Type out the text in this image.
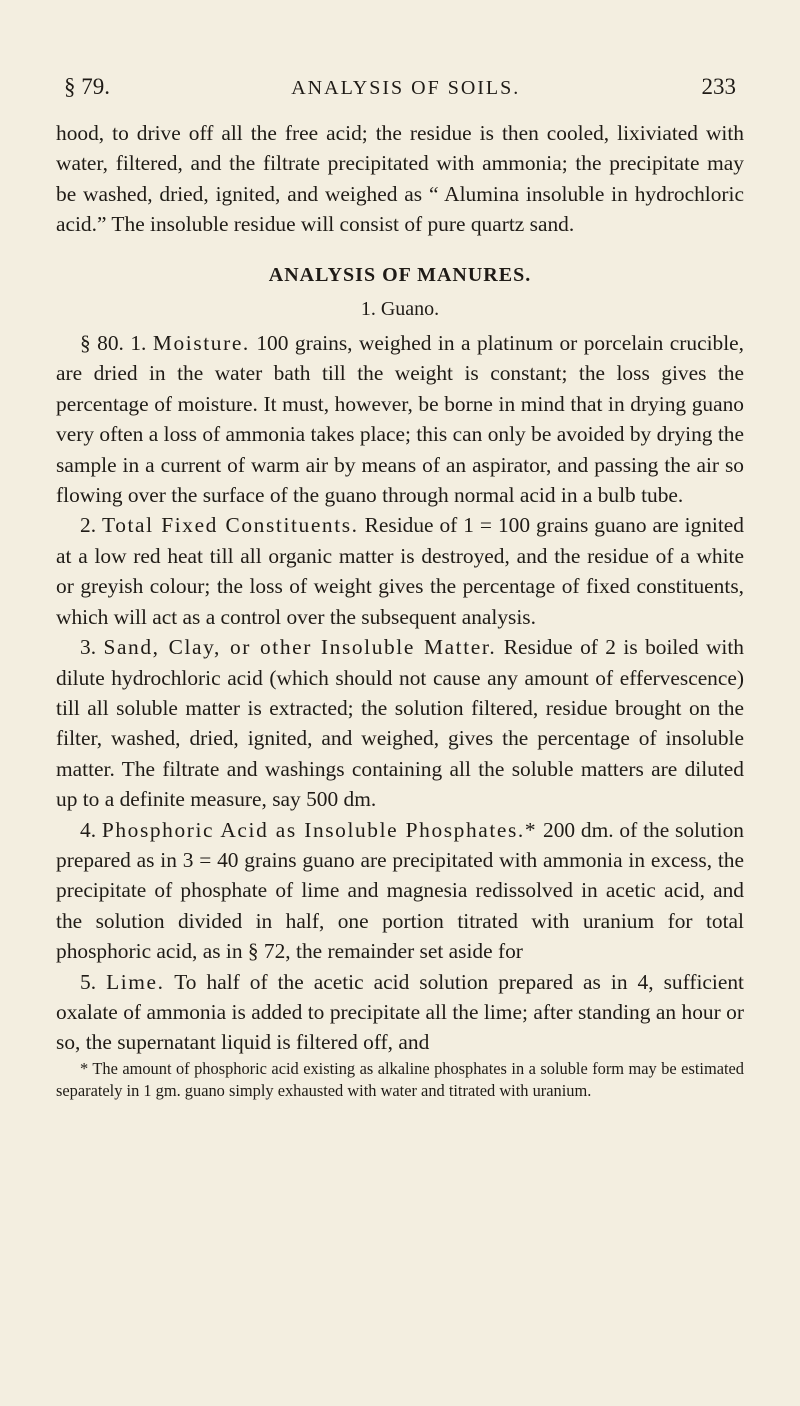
§ 79.	ANALYSIS OF SOILS.	233

hood, to drive off all the free acid; the residue is then cooled, lixiviated with water, filtered, and the filtrate precipitated with ammonia; the precipitate may be washed, dried, ignited, and weighed as “ Alumina insoluble in hydrochloric acid.” The insoluble residue will consist of pure quartz sand.

ANALYSIS OF MANURES.
1. Guano.

§ 80. 1. Moisture. 100 grains, weighed in a platinum or porcelain crucible, are dried in the water bath till the weight is constant; the loss gives the percentage of moisture. It must, however, be borne in mind that in drying guano very often a loss of ammonia takes place; this can only be avoided by drying the sample in a current of warm air by means of an aspirator, and passing the air so flowing over the surface of the guano through normal acid in a bulb tube.

2. Total Fixed Constituents. Residue of 1 = 100 grains guano are ignited at a low red heat till all organic matter is destroyed, and the residue of a white or greyish colour; the loss of weight gives the percentage of fixed constituents, which will act as a control over the subsequent analysis.

3. Sand, Clay, or other Insoluble Matter. Residue of 2 is boiled with dilute hydrochloric acid (which should not cause any amount of effervescence) till all soluble matter is extracted; the solution filtered, residue brought on the filter, washed, dried, ignited, and weighed, gives the percentage of insoluble matter. The filtrate and washings containing all the soluble matters are diluted up to a definite measure, say 500 dm.

4. Phosphoric Acid as Insoluble Phosphates.* 200 dm. of the solution prepared as in 3 = 40 grains guano are precipitated with ammonia in excess, the precipitate of phosphate of lime and magnesia redissolved in acetic acid, and the solution divided in half, one portion titrated with uranium for total phosphoric acid, as in § 72, the remainder set aside for

5. Lime. To half of the acetic acid solution prepared as in 4, sufficient oxalate of ammonia is added to precipitate all the lime; after standing an hour or so, the supernatant liquid is filtered off, and

* The amount of phosphoric acid existing as alkaline phosphates in a soluble form may be estimated separately in 1 gm. guano simply exhausted with water and titrated with uranium.
